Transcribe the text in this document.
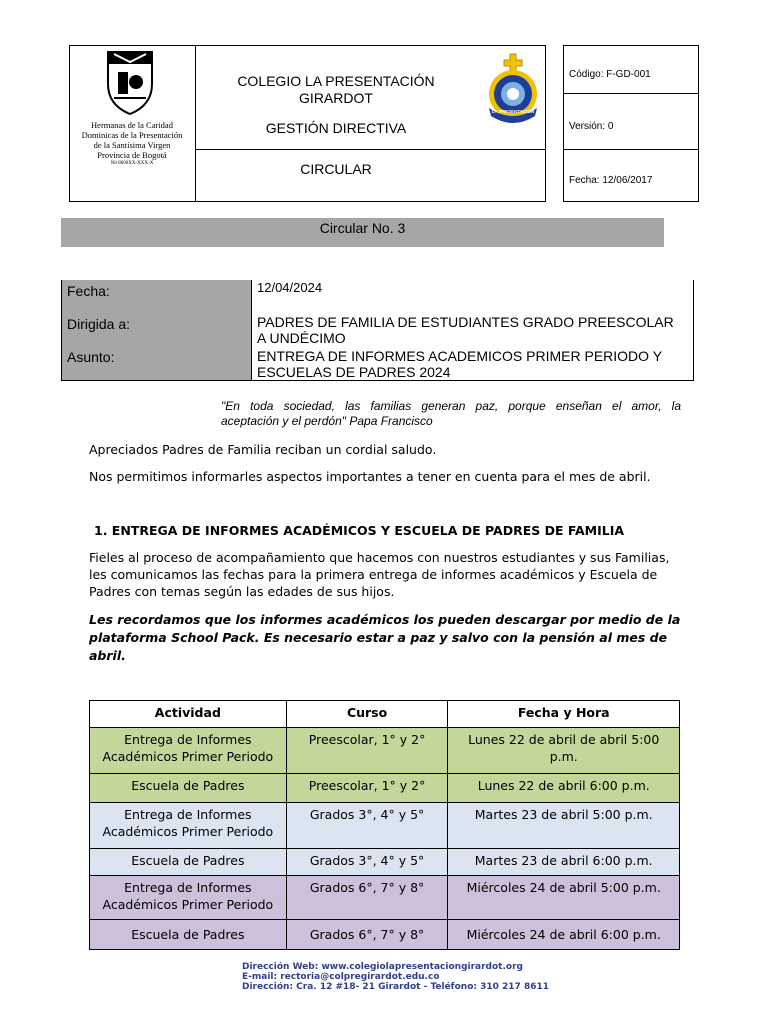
Hermanas de la Caridad
Dominicas de la Presentación
de la Santísima Virgen
Provincia de Bogotá
Nit 8600XX-XXX-X
COLEGIO LA PRESENTACIÓN
GIRARDOT
GESTIÓN DIRECTIVA
CIRCULAR
LA PRESENTACIÓN
Código: F-GD-001
Versión: 0
Fecha: 12/06/2017
Circular No. 3
Fecha:	12/04/2024
Dirigida a:	PADRES DE FAMILIA DE ESTUDIANTES GRADO PREESCOLAR
A UNDÉCIMO
Asunto:	ENTREGA DE INFORMES ACADEMICOS PRIMER PERIODO Y
ESCUELAS DE PADRES 2024
"En toda sociedad, las familias generan paz, porque enseñan el amor, la
aceptación y el perdón" Papa Francisco
Apreciados Padres de Familia reciban un cordial saludo.
Nos permitimos informarles aspectos importantes a tener en cuenta para el mes de abril.
1. ENTREGA DE INFORMES ACADÉMICOS Y ESCUELA DE PADRES DE FAMILIA
Fieles al proceso de acompañamiento que hacemos con nuestros estudiantes y sus Familias,
les comunicamos las fechas para la primera entrega de informes académicos y Escuela de
Padres con temas según las edades de sus hijos.
Les recordamos que los informes académicos los pueden descargar por medio de la
plataforma School Pack. Es necesario estar a paz y salvo con la pensión al mes de
abril.
Actividad	Curso	Fecha y Hora
Entrega de Informes Académicos Primer Periodo	Preescolar, 1° y 2°	Lunes 22 de abril de abril 5:00 p.m.
Escuela de Padres	Preescolar, 1° y 2°	Lunes 22 de abril 6:00 p.m.
Entrega de Informes Académicos Primer Periodo	Grados 3°, 4° y 5°	Martes 23 de abril 5:00 p.m.
Escuela de Padres	Grados 3°, 4° y 5°	Martes 23 de abril 6:00 p.m.
Entrega de Informes Académicos Primer Periodo	Grados 6°, 7° y 8°	Miércoles 24 de abril 5:00 p.m.
Escuela de Padres	Grados 6°, 7° y 8°	Miércoles 24 de abril 6:00 p.m.
Dirección Web: www.colegiolapresentaciongirardot.org
E-mail: rectoria@colpregirardot.edu.co
Dirección: Cra. 12 #18- 21 Girardot - Teléfono: 310 217 8611
